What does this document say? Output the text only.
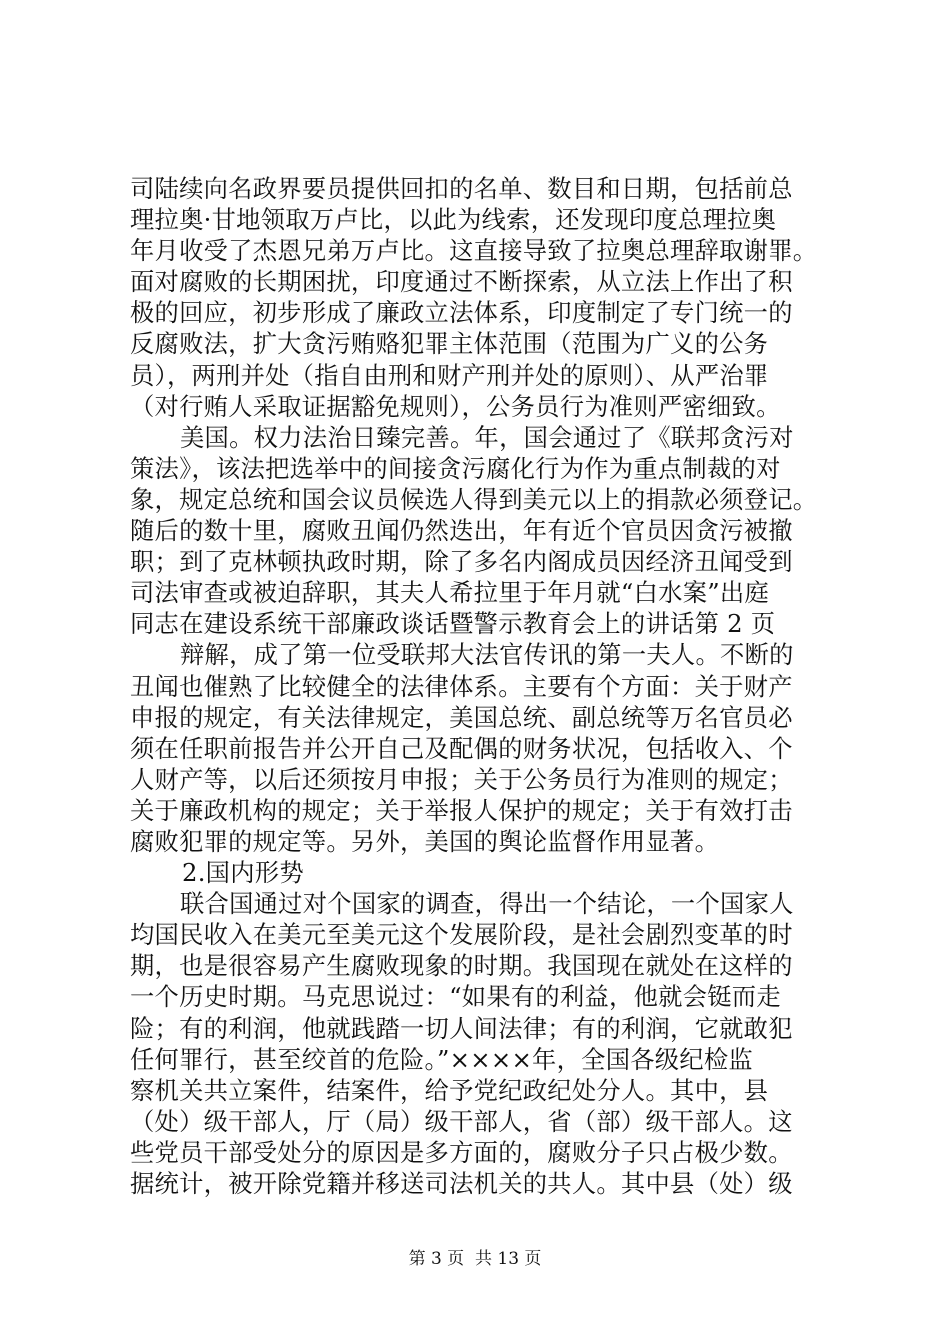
司陆续向名政界要员提供回扣的名单、数目和日期，包括前总
理拉奥·甘地领取万卢比，以此为线索，还发现印度总理拉奥
年月收受了杰恩兄弟万卢比。这直接导致了拉奥总理辞取谢罪。
面对腐败的长期困扰，印度通过不断探索，从立法上作出了积
极的回应，初步形成了廉政立法体系，印度制定了专门统一的
反腐败法，扩大贪污贿赂犯罪主体范围（范围为广义的公务
员），两刑并处（指自由刑和财产刑并处的原则）、从严治罪
（对行贿人采取证据豁免规则），公务员行为准则严密细致。
美国。权力法治日臻完善。年，国会通过了《联邦贪污对
策法》，该法把选举中的间接贪污腐化行为作为重点制裁的对
象，规定总统和国会议员候选人得到美元以上的捐款必须登记。
随后的数十里，腐败丑闻仍然迭出，年有近个官员因贪污被撤
职；到了克林顿执政时期，除了多名内阁成员因经济丑闻受到
司法审查或被迫辞职，其夫人希拉里于年月就“白水案”出庭
同志在建设系统干部廉政谈话暨警示教育会上的讲话第 2 页
辩解，成了第一位受联邦大法官传讯的第一夫人。不断的
丑闻也催熟了比较健全的法律体系。主要有个方面：关于财产
申报的规定，有关法律规定，美国总统、副总统等万名官员必
须在任职前报告并公开自己及配偶的财务状况，包括收入、个
人财产等，以后还须按月申报；关于公务员行为准则的规定；
关于廉政机构的规定；关于举报人保护的规定；关于有效打击
腐败犯罪的规定等。另外，美国的舆论监督作用显著。
2.国内形势
联合国通过对个国家的调查，得出一个结论，一个国家人
均国民收入在美元至美元这个发展阶段，是社会剧烈变革的时
期，也是很容易产生腐败现象的时期。我国现在就处在这样的
一个历史时期。马克思说过：“如果有的利益，他就会铤而走
险；有的利润，他就践踏一切人间法律；有的利润，它就敢犯
任何罪行，甚至绞首的危险。”××××年，全国各级纪检监
察机关共立案件，结案件，给予党纪政纪处分人。其中，县
（处）级干部人，厅（局）级干部人，省（部）级干部人。这
些党员干部受处分的原因是多方面的，腐败分子只占极少数。
据统计，被开除党籍并移送司法机关的共人。其中县（处）级
第 3 页  共 13 页
